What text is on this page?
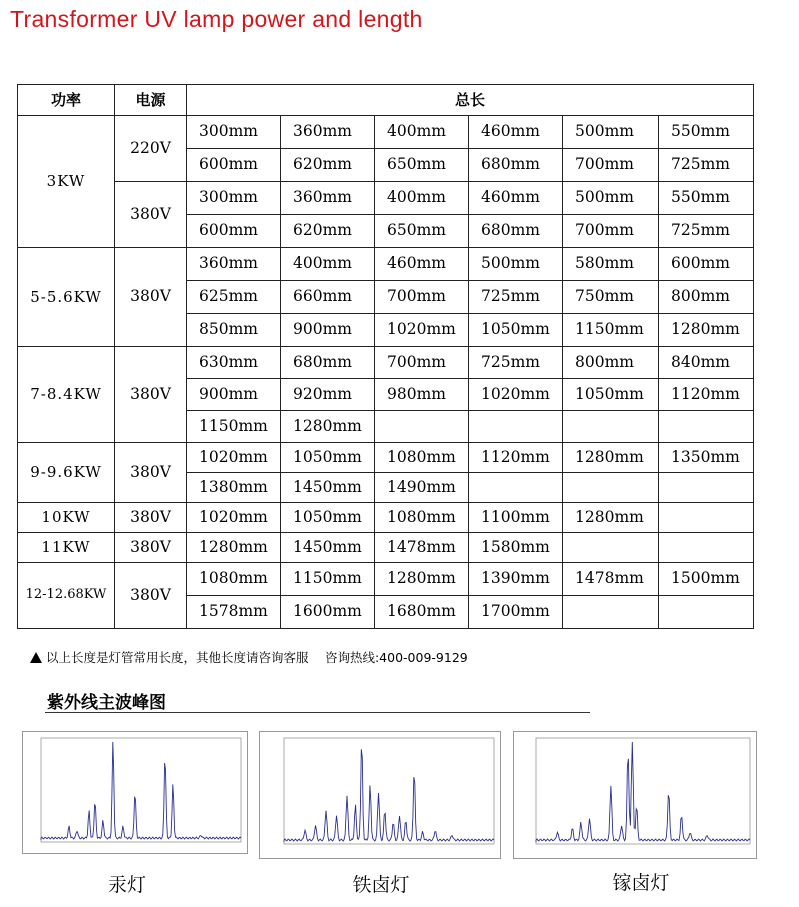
Transformer UV lamp power and length
功率	电源	总长					
3KW	220V	300mm	360mm	400mm	460mm	500mm	550mm
		600mm	620mm	650mm	680mm	700mm	725mm
	380V	300mm	360mm	400mm	460mm	500mm	550mm
		600mm	620mm	650mm	680mm	700mm	725mm
5-5.6KW	380V	360mm	400mm	460mm	500mm	580mm	600mm
		625mm	660mm	700mm	725mm	750mm	800mm
		850mm	900mm	1020mm	1050mm	1150mm	1280mm
7-8.4KW	380V	630mm	680mm	700mm	725mm	800mm	840mm
		900mm	920mm	980mm	1020mm	1050mm	1120mm
		1150mm	1280mm				
9-9.6KW	380V	1020mm	1050mm	1080mm	1120mm	1280mm	1350mm
		1380mm	1450mm	1490mm			
10KW	380V	1020mm	1050mm	1080mm	1100mm	1280mm	
11KW	380V	1280mm	1450mm	1478mm	1580mm		
12-12.68KW	380V	1080mm	1150mm	1280mm	1390mm	1478mm	1500mm
		1578mm	1600mm	1680mm	1700mm		
以上长度是灯管常用长度，其他长度请咨询客服　 咨询热线:400-009-9129
紫外线主波峰图
汞灯	铁卤灯	镓卤灯
